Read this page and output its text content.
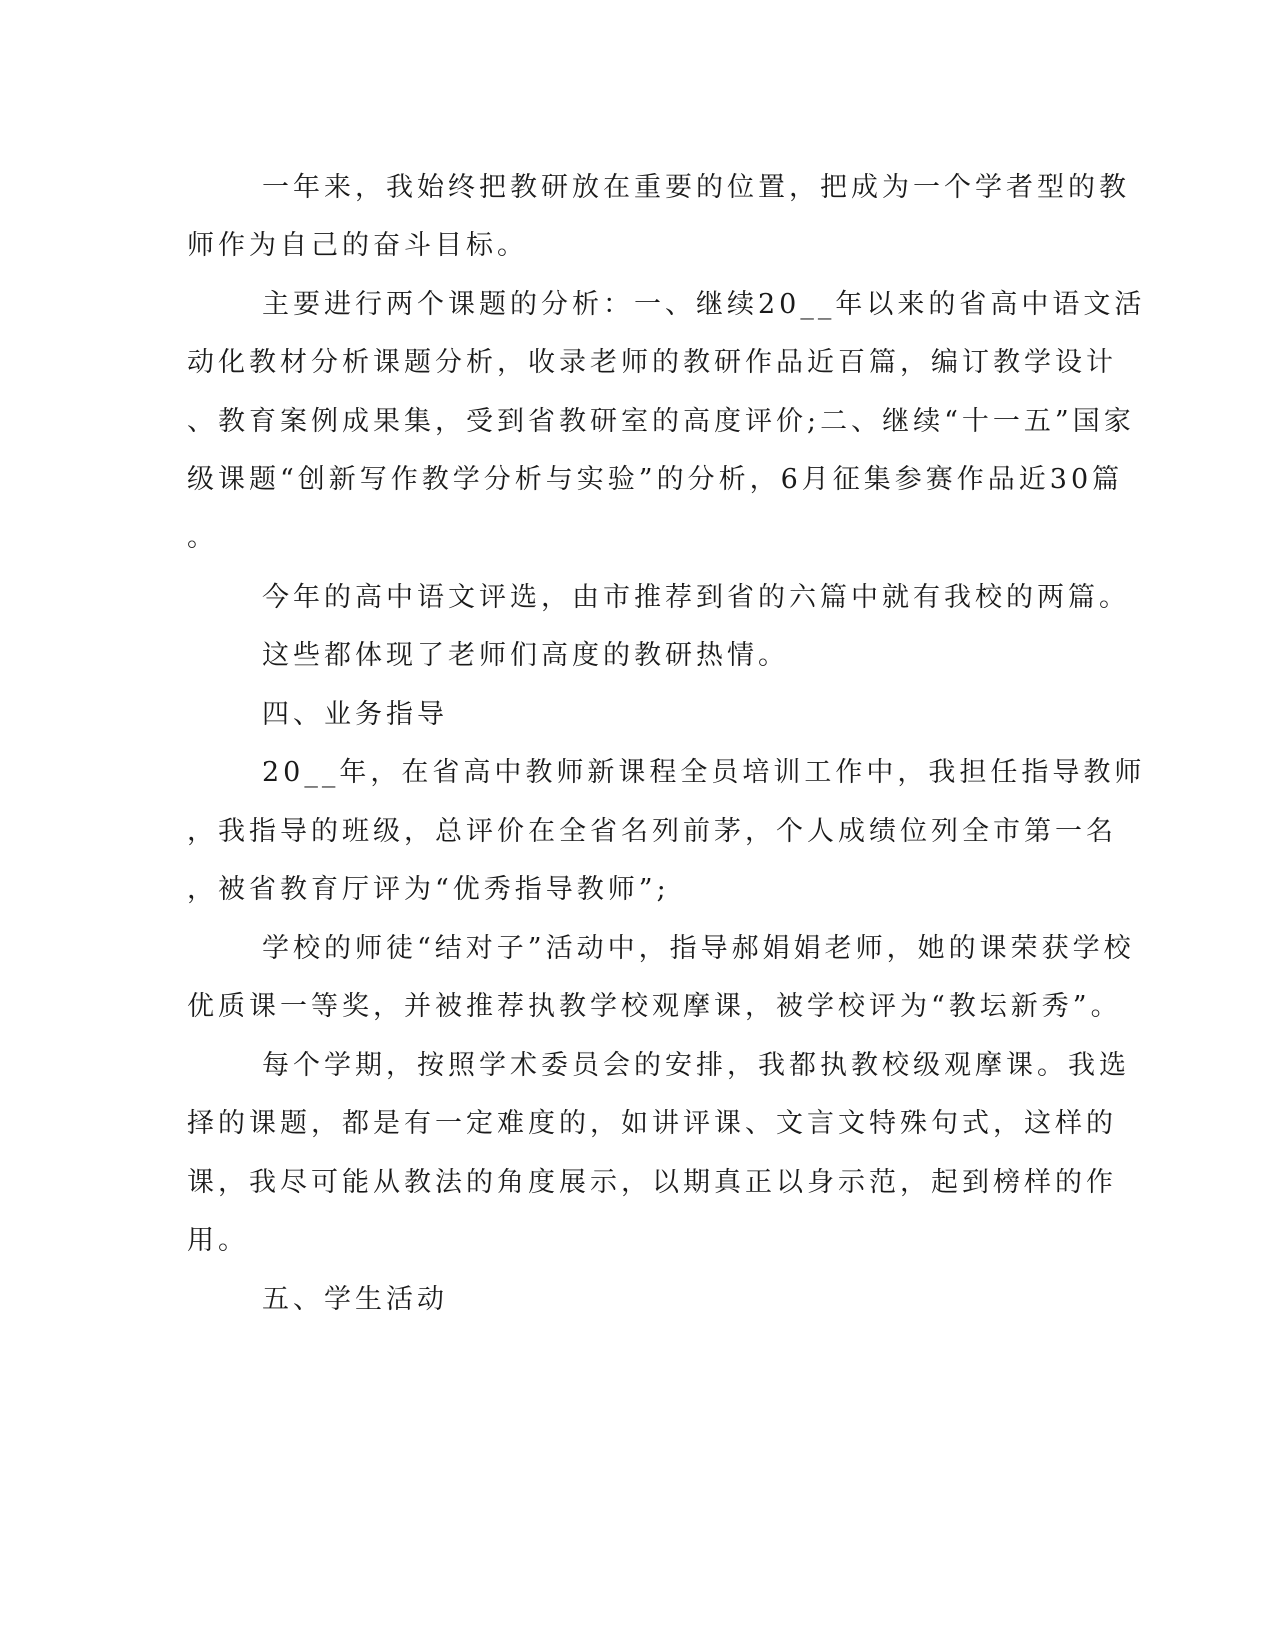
一年来，我始终把教研放在重要的位置，把成为一个学者型的教

师作为自己的奋斗目标。

主要进行两个课题的分析：一、继续20__年以来的省高中语文活

动化教材分析课题分析，收录老师的教研作品近百篇，编订教学设计

、教育案例成果集，受到省教研室的高度评价;二、继续“十一五”国家

级课题“创新写作教学分析与实验”的分析，6月征集参赛作品近30篇

。

今年的高中语文评选，由市推荐到省的六篇中就有我校的两篇。

这些都体现了老师们高度的教研热情。

四、业务指导

20__年，在省高中教师新课程全员培训工作中，我担任指导教师

，我指导的班级，总评价在全省名列前茅，个人成绩位列全市第一名

，被省教育厅评为“优秀指导教师”;

学校的师徒“结对子”活动中，指导郝娟娟老师，她的课荣获学校

优质课一等奖，并被推荐执教学校观摩课，被学校评为“教坛新秀”。

每个学期，按照学术委员会的安排，我都执教校级观摩课。我选

择的课题，都是有一定难度的，如讲评课、文言文特殊句式，这样的

课，我尽可能从教法的角度展示，以期真正以身示范，起到榜样的作

用。

五、学生活动
